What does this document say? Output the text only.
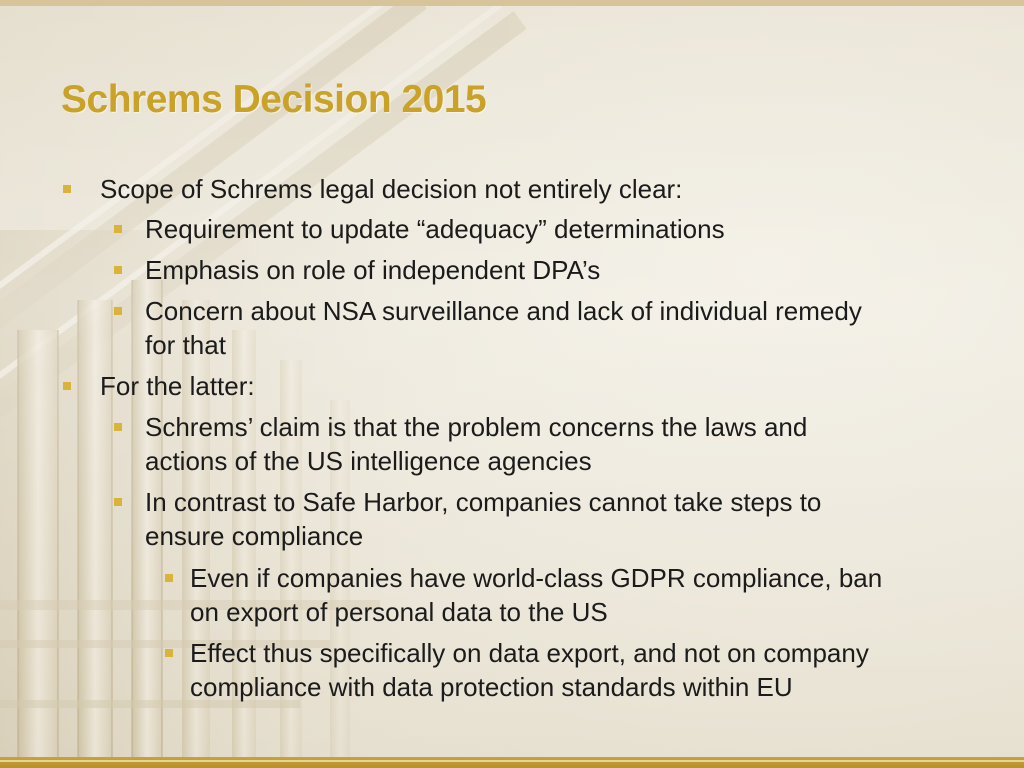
Schrems Decision 2015
Scope of Schrems legal decision not entirely clear:
Requirement to update “adequacy” determinations
Emphasis on role of independent DPA’s
Concern about NSA surveillance and lack of individual remedy
for that
For the latter:
Schrems’ claim is that the problem concerns the laws and
actions of the US intelligence agencies
In contrast to Safe Harbor, companies cannot take steps to
ensure compliance
Even if companies have world-class GDPR compliance, ban
on export of personal data to the US
Effect thus specifically on data export, and not on company
compliance with data protection standards within EU
